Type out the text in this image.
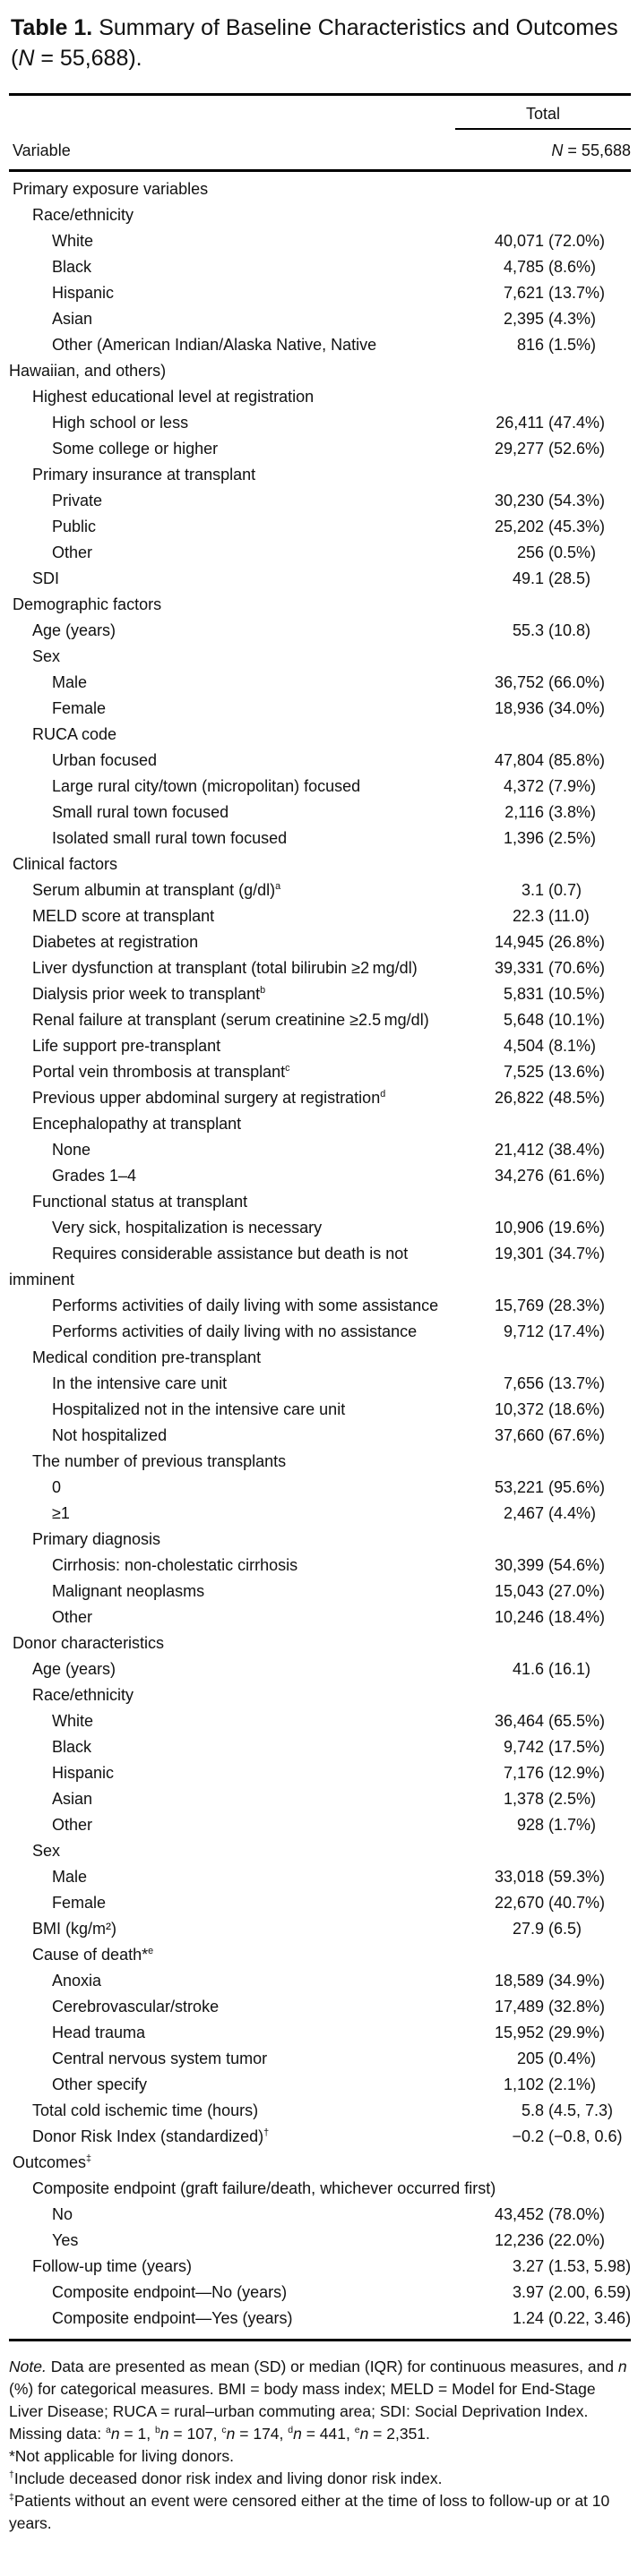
Table 1. Summary of Baseline Characteristics and Outcomes (N = 55,688).
Total
Variable	N = 55,688
Primary exposure variables
Race/ethnicity
White	40,071 (72.0%)
Black	4,785 (8.6%)
Hispanic	7,621 (13.7%)
Asian	2,395 (4.3%)
Other (American Indian/Alaska Native, Native Hawaiian, and others)
816 (1.5%)
Highest educational level at registration
High school or less	26,411 (47.4%)
Some college or higher	29,277 (52.6%)
Primary insurance at transplant
Private	30,230 (54.3%)
Public	25,202 (45.3%)
Other	256 (0.5%)
SDI	49.1 (28.5)
Demographic factors
Age (years)	55.3 (10.8)
Sex
Male	36,752 (66.0%)
Female	18,936 (34.0%)
RUCA code
Urban focused	47,804 (85.8%)
Large rural city/town (micropolitan) focused	4,372 (7.9%)
Small rural town focused	2,116 (3.8%)
Isolated small rural town focused	1,396 (2.5%)
Clinical factors
Serum albumin at transplant $(g/dl)^a$	3.1 (0.7)
MELD score at transplant	22.3 (11.0)
Diabetes at registration	14,945 (26.8%)
Liver dysfunction at transplant (total bilirubin ≥2 mg/dl)	39,331 (70.6%)
Dialysis prior week to transplant$^b$	5,831 (10.5%)
Renal failure at transplant (serum creatinine ≥2.5 mg/dl)	5,648 (10.1%)
Life support pre-transplant	4,504 (8.1%)
Portal vein thrombosis at transplant$^c$	7,525 (13.6%)
Previous upper abdominal surgery at registration$^d$	26,822 (48.5%)
Encephalopathy at transplant
None	21,412 (38.4%)
Grades 1–4	34,276 (61.6%)
Functional status at transplant
Very sick, hospitalization is necessary	10,906 (19.6%)
Requires considerable assistance but death is not imminent
19,301 (34.7%)
Performs activities of daily living with some assistance	15,769 (28.3%)
Performs activities of daily living with no assistance	9,712 (17.4%)
Medical condition pre-transplant
In the intensive care unit	7,656 (13.7%)
Hospitalized not in the intensive care unit	10,372 (18.6%)
Not hospitalized	37,660 (67.6%)
The number of previous transplants
0	53,221 (95.6%)
≥1	2,467 (4.4%)
Primary diagnosis
Cirrhosis: non-cholestatic cirrhosis	30,399 (54.6%)
Malignant neoplasms	15,043 (27.0%)
Other	10,246 (18.4%)
Donor characteristics
Age (years)	41.6 (16.1)
Race/ethnicity
White	36,464 (65.5%)
Black	9,742 (17.5%)
Hispanic	7,176 (12.9%)
Asian	1,378 (2.5%)
Other	928 (1.7%)
Sex
Male	33,018 (59.3%)
Female	22,670 (40.7%)
BMI (kg/m²)	27.9 (6.5)
Cause of death*$^e$
Anoxia	18,589 (34.9%)
Cerebrovascular/stroke	17,489 (32.8%)
Head trauma	15,952 (29.9%)
Central nervous system tumor	205 (0.4%)
Other specify	1,102 (2.1%)
Total cold ischemic time (hours)	5.8 (4.5, 7.3)
Donor Risk Index (standardized)†	−0.2 (−0.8, 0.6)
Outcomes‡
Composite endpoint (graft failure/death, whichever occurred first)
No	43,452 (78.0%)
Yes	12,236 (22.0%)
Follow-up time (years)	3.27 (1.53, 5.98)
Composite endpoint—No (years)	3.97 (2.00, 6.59)
Composite endpoint—Yes (years)	1.24 (0.22, 3.46)
Note. Data are presented as mean (SD) or median (IQR) for continuous measures, and n (%) for categorical measures. BMI = body mass index; MELD = Model for End-Stage Liver Disease; RUCA = rural–urban commuting area; SDI: Social Deprivation Index.
Missing data: $^a$n = 1, $^b$n = 107, $^c$n = 174, $^d$n = 441, $^e$n = 2,351.
*Not applicable for living donors.
†Include deceased donor risk index and living donor risk index.
‡Patients without an event were censored either at the time of loss to follow-up or at 10 years.
